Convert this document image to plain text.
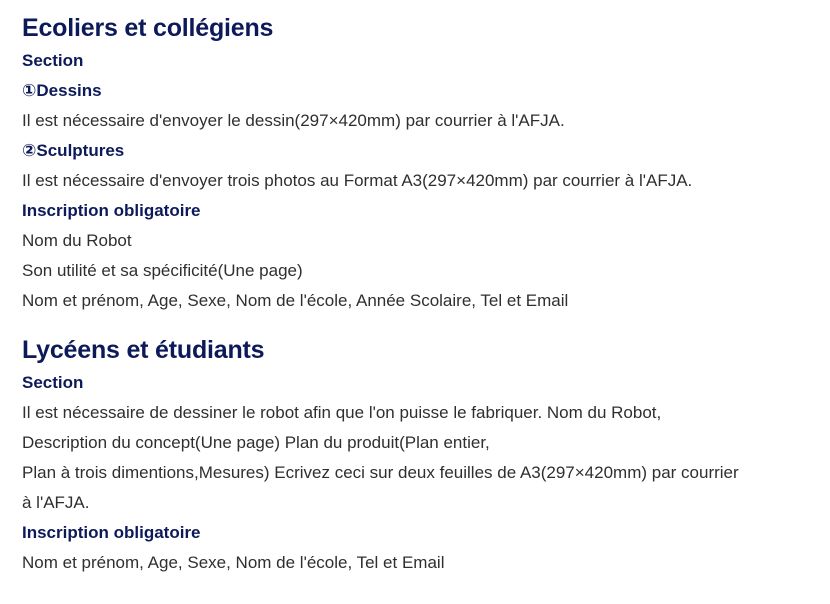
Ecoliers et collégiens

Section

①Dessins

Il est nécessaire d'envoyer le dessin(297×420mm) par courrier à l'AFJA.

②Sculptures

Il est nécessaire d'envoyer trois photos au Format A3(297×420mm) par courrier à l'AFJA.

Inscription obligatoire

Nom du Robot

Son utilité et sa spécificité(Une page)

Nom et prénom, Age, Sexe, Nom de l'école, Année Scolaire, Tel et Email

Lycéens et étudiants

Section

Il est nécessaire de dessiner le robot afin que l'on puisse le fabriquer. Nom du Robot,

Description du concept(Une page) Plan du produit(Plan entier,

Plan à trois dimentions,Mesures) Ecrivez ceci sur deux feuilles de A3(297×420mm) par courrier

à l'AFJA.

Inscription obligatoire

Nom et prénom, Age, Sexe, Nom de l'école, Tel et Email
